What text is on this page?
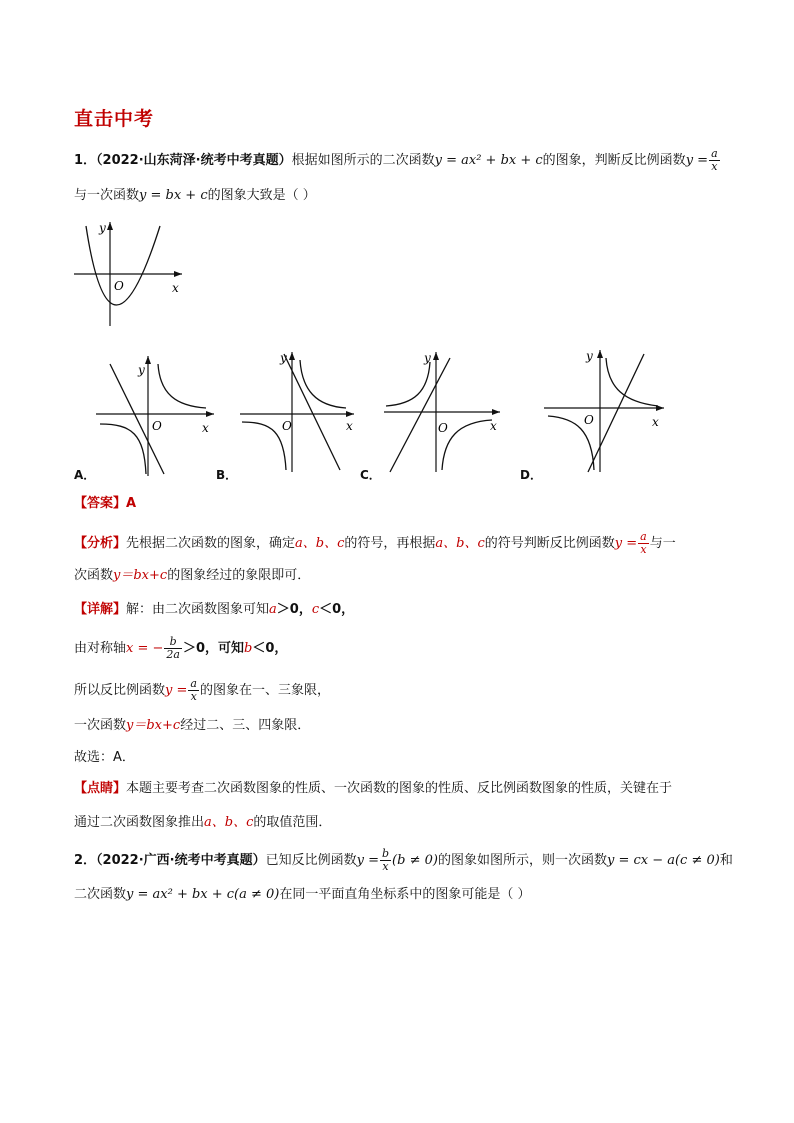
直击中考
1．（2022·山东菏泽·统考中考真题）根据如图所示的二次函数y = ax² + bx + c的图象，判断反比例函数$y = \frac{a}{x}$
与一次函数y = bx + c的图象大致是（ ）
y
x
O
y
x
O
A．
y
x
O
B．
y
x
O
C．
y
x
O
D．
【答案】A
【分析】先根据二次函数的图象，确定a、b、c的符号，再根据a、b、c的符号判断反比例函数$y = \frac{a}{x}$ 与一
次函数y＝bx+c的图象经过的象限即可．
【详解】解：由二次函数图象可知a＞0，c＜0，
由对称轴x = − $\frac{b}{2a} >0$，可知b＜0，
所以反比例函数$y = \frac{a}{x}$ 的图象在一、三象限，
一次函数y＝bx+c经过二、三、四象限．
故选：A．
【点睛】本题主要考查二次函数图象的性质、一次函数的图象的性质、反比例函数图象的性质，关键在于
通过二次函数图象推出a、b、c的取值范围．
2．（2022·广西·统考中考真题）已知反比例函数$y = \frac{b}{x} (b \ne 0)$的图象如图所示，则一次函数y = cx − a(c ≠ 0)和
二次函数y = ax² + bx + c(a ≠ 0)在同一平面直角坐标系中的图象可能是（ ）
